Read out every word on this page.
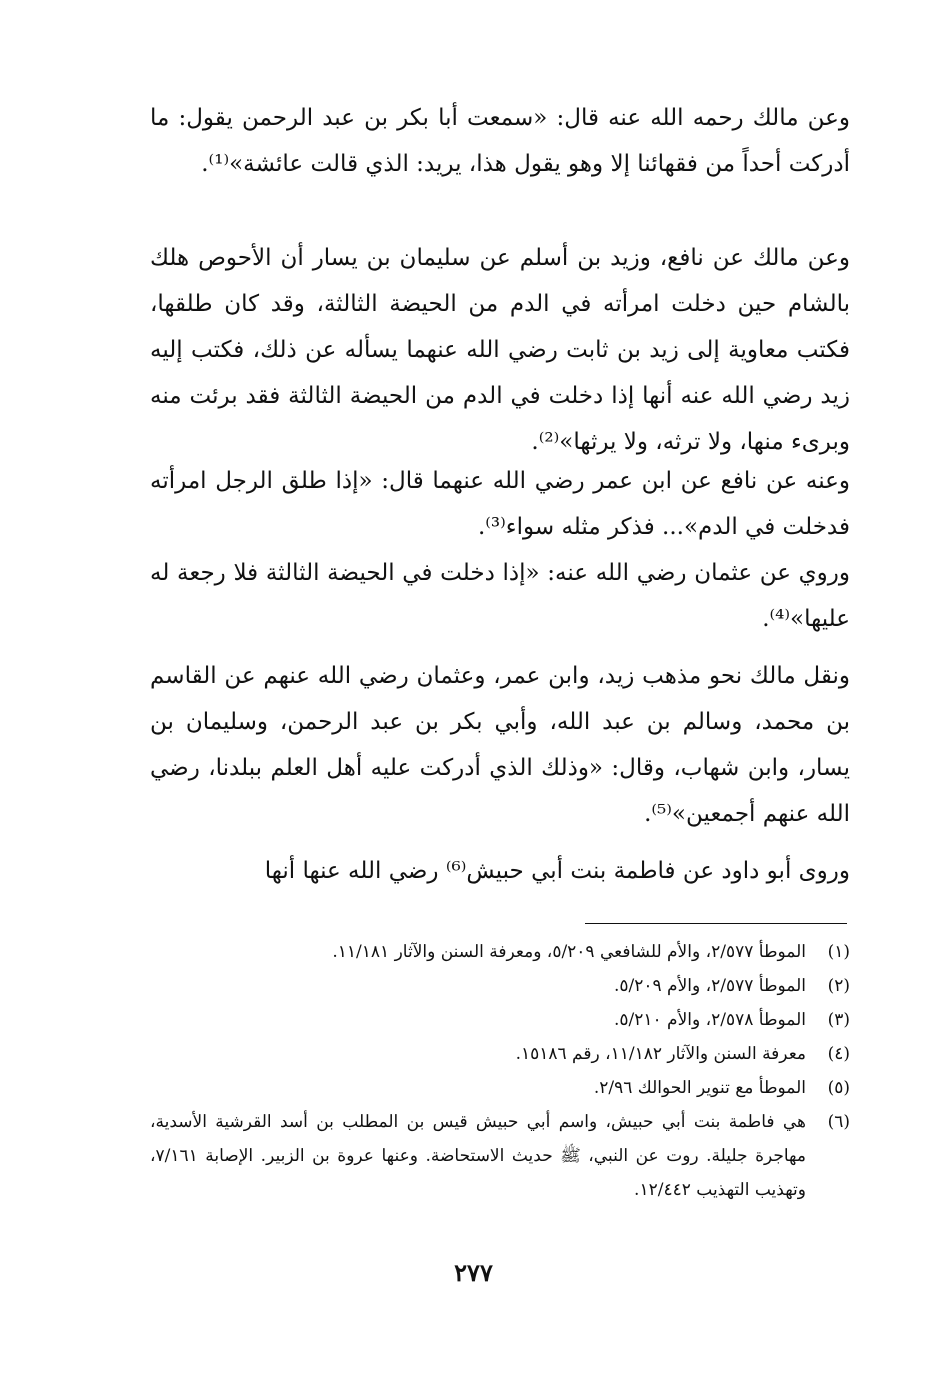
وعن مالك رحمه الله عنه قال: «سمعت أبا بكر بن عبد الرحمن يقول: ما أدركت أحداً من فقهائنا إلا وهو يقول هذا، يريد: الذي قالت عائشة»⁽¹⁾.

وعن مالك عن نافع، وزيد بن أسلم عن سليمان بن يسار أن الأحوص هلك بالشام حين دخلت امرأته في الدم من الحيضة الثالثة، وقد كان طلقها، فكتب معاوية إلى زيد بن ثابت رضي الله عنهما يسأله عن ذلك، فكتب إليه زيد رضي الله عنه أنها إذا دخلت في الدم من الحيضة الثالثة فقد برئت منه وبرىء منها، ولا ترثه، ولا يرثها»⁽²⁾.

وعنه عن نافع عن ابن عمر رضي الله عنهما قال: «إذا طلق الرجل امرأته فدخلت في الدم»... فذكر مثله سواء⁽³⁾.

وروي عن عثمان رضي الله عنه: «إذا دخلت في الحيضة الثالثة فلا رجعة له عليها»⁽⁴⁾.

ونقل مالك نحو مذهب زيد، وابن عمر، وعثمان رضي الله عنهم عن القاسم بن محمد، وسالم بن عبد الله، وأبي بكر بن عبد الرحمن، وسليمان بن يسار، وابن شهاب، وقال: «وذلك الذي أدركت عليه أهل العلم ببلدنا، رضي الله عنهم أجمعين»⁽⁵⁾.

وروى أبو داود عن فاطمة بنت أبي حبيش⁽⁶⁾ رضي الله عنها أنها

(١)
الموطأ ٢/٥٧٧، والأم للشافعي ٥/٢٠٩، ومعرفة السنن والآثار ١١/١٨١.
(٢)
الموطأ ٢/٥٧٧، والأم ٥/٢٠٩.
(٣)
الموطأ ٢/٥٧٨، والأم ٥/٢١٠.
(٤)
معرفة السنن والآثار ١١/١٨٢، رقم ١٥١٨٦.
(٥)
الموطأ مع تنوير الحوالك ٢/٩٦.
(٦)
هي فاطمة بنت أبي حبيش، واسم أبي حبيش قيس بن المطلب بن أسد القرشية الأسدية، مهاجرة جليلة. روت عن النبي، ﷺ حديث الاستحاضة. وعنها عروة بن الزبير. الإصابة ٧/١٦١، وتهذيب التهذيب ١٢/٤٤٢.
٢٧٧
